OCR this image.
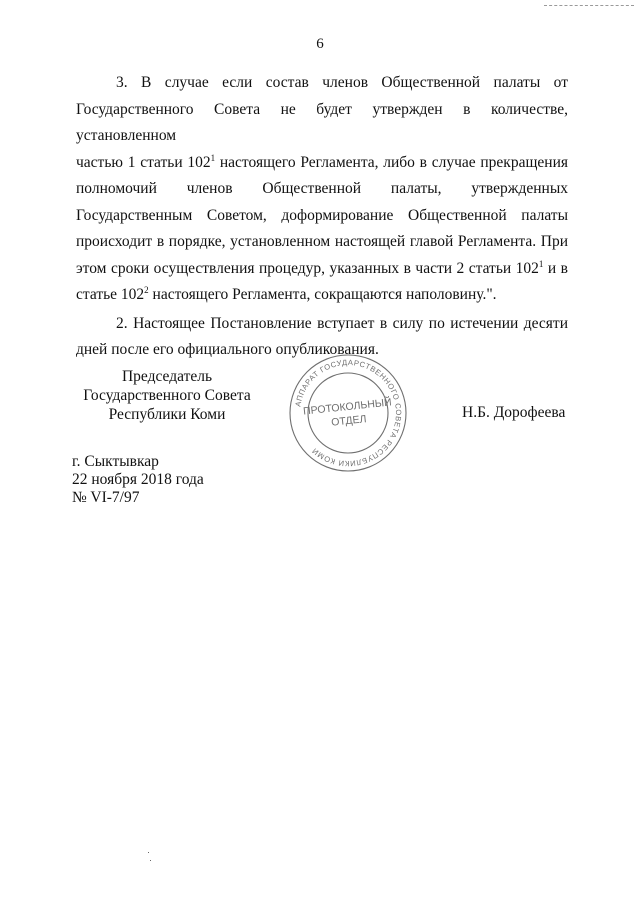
6

3. В случае если состав членов Общественной палаты от
Государственного Совета не будет утвержден в количестве, установленном
частью 1 статьи $102^1$ настоящего Регламента, либо в случае прекращения
полномочий членов Общественной палаты, утвержденных
Государственным Советом, доформирование Общественной палаты
происходит в порядке, установленном настоящей главой Регламента. При
этом сроки осуществления процедур, указанных в части 2 статьи $102^1$ и в
статье $102^2$ настоящего Регламента, сокращаются наполовину.".

2. Настоящее Постановление вступает в силу по истечении десяти
дней после его официального опубликования.

Председатель
Государственного Совета
Республики Коми
АППАРАТ ГОСУДАРСТВЕННОГО СОВЕТА РЕСПУБЛИКИ КОМИ
ПРОТОКОЛЬНЫЙ
ОТДЕЛ	Н.Б. Дорофеева
г. Сыктывкар
22 ноября 2018 года
№ VI-7/97
